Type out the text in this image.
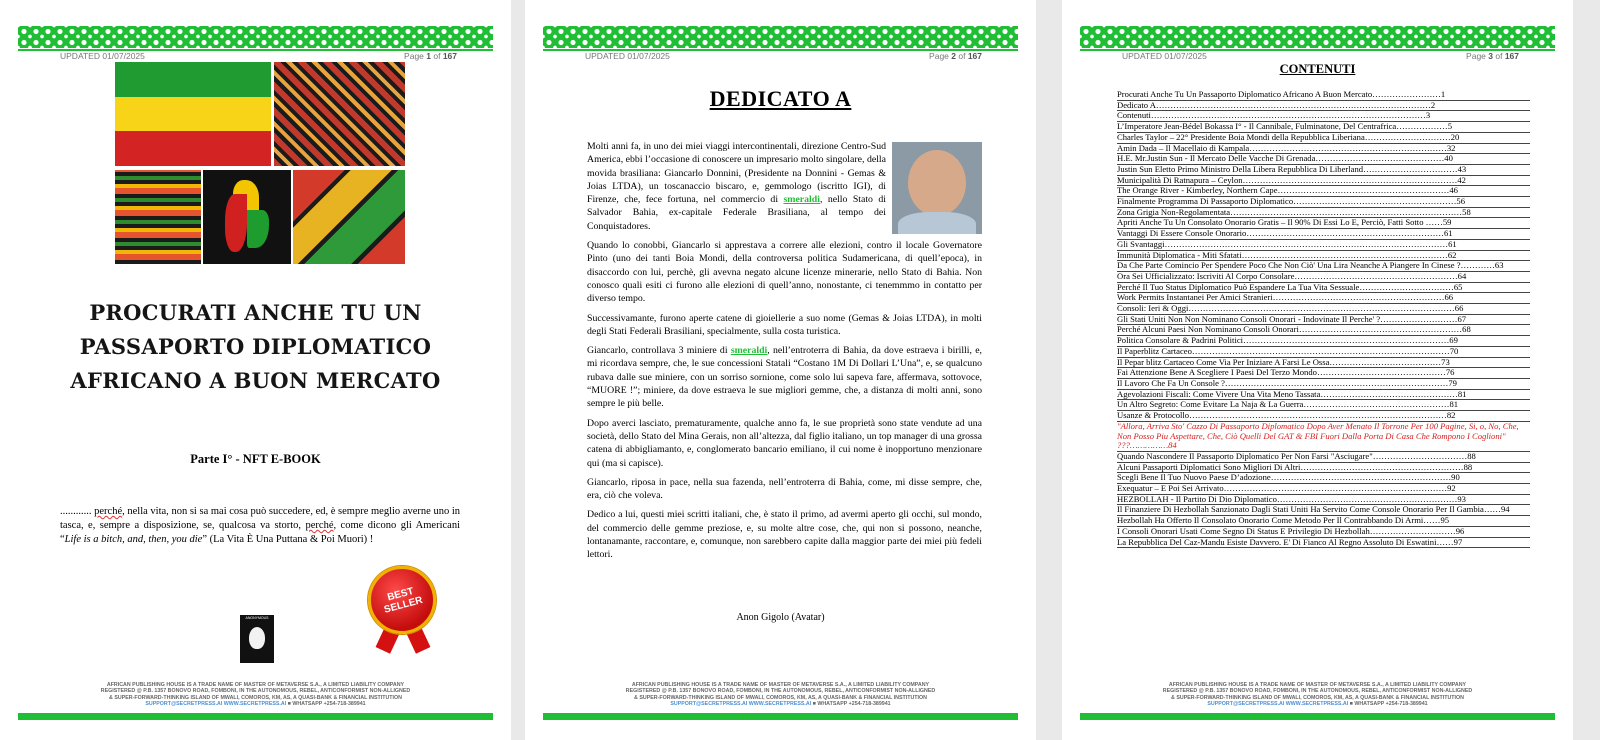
UPDATED 01/07/2025	Page 1 of 167
PROCURATI ANCHE TU UN PASSAPORTO DIPLOMATICO AFRICANO A BUON MERCATO
Parte I° - NFT E-BOOK
............ perché, nella vita, non si sa mai cosa può succedere, ed, è sempre meglio averne uno in tasca, e, sempre a disposizione, se, qualcosa va storto, perché, come dicono gli Americani “Life is a bitch, and, then, you die” (La Vita È Una Puttana & Poi Muori) !
ANONYMOUS
BEST SELLER
AFRICAN PUBLISHING HOUSE IS A TRADE NAME OF MASTER OF METAVERSE S.A., A LIMITED LIABILITY COMPANY
REGISTERED @ P.B. 1357 BONOVO ROAD, FOMBONI, IN THE AUTONOMOUS, REBEL, ANTICONFORMIST NON-ALLIGNED
& SUPER-FORWARD-THINKING ISLAND OF MWALI, COMOROS, KM, AS, A QUASI-BANK & FINANCIAL INSTITUTION
SUPPORT@SECRETPRESS.AI WWW.SECRETPRESS.AI ■ WHATSAPP +254-718-389941
UPDATED 01/07/2025	Page 2 of 167
DEDICATO A

Molti anni fa, in uno dei miei viaggi intercontinentali, direzione Centro-Sud America, ebbi l’occasione di conoscere un impresario molto singolare, della movida brasiliana: Giancarlo Donnini, (Presidente na Donnini - Gemas & Joias LTDA), un toscanaccio biscaro, e, gemmologo (iscritto IGI), di Firenze, che, fece fortuna, nel commercio di smeraldi, nello Stato di Salvador Bahia, ex-capitale Federale Brasiliana, al tempo dei Conquistadores.

Quando lo conobbi, Giancarlo si apprestava a correre alle elezioni, contro il locale Governatore Pinto (uno dei tanti Boia Mondi, della controversa politica Sudamericana, di quell’epoca), in disaccordo con lui, perchè, gli avevna negato alcune licenze minerarie, nello Stato di Bahia. Non conosco quali esiti ci furono alle elezioni di quell’anno, nonostante, ci tenemmmo in contatto per diverso tempo.

Successivamante, furono aperte catene di gioiellerie a suo nome (Gemas & Joias LTDA), in molti degli Stati Federali Brasiliani, specialmente, sulla costa turistica.

Giancarlo, controllava 3 miniere di smeraldi, nell’entroterra di Bahia, da dove estraeva i birilli, e, mi ricordava sempre, che, le sue concessioni Statali “Costano 1M Di Dollari L’Una”, e, se qualcuno rubava dalle sue miniere, con un sorriso sornione, come solo lui sapeva fare, affermava, sottovoce, “MUORE !”; miniere, da dove estraeva le sue migliori gemme, che, a distanza di molti anni, sono sempre le più belle.

Dopo averci lasciato, prematuramente, qualche anno fa, le sue proprietà sono state vendute ad una società, dello Stato del Mina Gerais, non all’altezza, dal figlio italiano, un top manager di una grossa catena di abbigliamanto, e, conglomerato bancario emiliano, il cui nome è inopportuno menzionare qui (ma si capisce).

Giancarlo, riposa in pace, nella sua fazenda, nell’entroterra di Bahia, come, mi disse sempre, che, era, ciò che voleva.

Dedico a lui, questi miei scritti italiani, che, è stato il primo, ad avermi aperto gli occhi, sul mondo, del commercio delle gemme preziose, e, su molte altre cose, che, qui non si possono, neanche, lontanamante, raccontare, e, comunque, non sarebbero capite dalla maggior parte dei miei più fedeli lettori.

Anon Gigolo (Avatar)
AFRICAN PUBLISHING HOUSE IS A TRADE NAME OF MASTER OF METAVERSE S.A., A LIMITED LIABILITY COMPANY
REGISTERED @ P.B. 1357 BONOVO ROAD, FOMBONI, IN THE AUTONOMOUS, REBEL, ANTICONFORMIST NON-ALLIGNED
& SUPER-FORWARD-THINKING ISLAND OF MWALI, COMOROS, KM, AS, A QUASI-BANK & FINANCIAL INSTITUTION
SUPPORT@SECRETPRESS.AI WWW.SECRETPRESS.AI ■ WHATSAPP +254-718-389941
UPDATED 01/07/2025	Page 3 of 167
CONTENUTI
Procurati Anche Tu Un Passaporto Diplomatico Africano A Buon Mercato……………………1
Dedicato A……………………………………………………………………………………2
Contenuti……………………………………………………………………………………3
L’Imperatore Jean-Bédel Bokassa I° - Il Cannibale, Fulminatone, Del Centrafrica………………5
Charles Taylor – 22° Presidente Boia Mondi della Repubblica Liberiana…………………………20
Amin Dada – Il Macellaio di Kampala……………………………………………………………32
H.E. Mr.Justin Sun - Il Mercato Delle Vacche Di Grenada………………………………………40
Justin Sun Eletto Primo Ministro Della Libera Repubblica Di Liberland……………………………43
Municipalità Di Ratnapura – Ceylon…………………………………………………………………42
The Orange River - Kimberley, Northern Cape……………………………………………………46
Finalmente Programma Di Passaporto Diplomatico…………………………………………………56
Zona Grigia Non-Regolamentata………………………………………………………………………58
Apriti Anche Tu Un Consolato Onorario Gratis – Il 90% Di Essi Lo E, Perciò, Fatti Sotto ……59
Vantaggi Di Essere Console Onorario……………………………………………………………61
Gli Svantaggi………………………………………………………………………………………61
Immunità Diplomatica - Miti Sfatati………………………………………………………………62
Da Che Parte Comincio Per Spendere Poco Che Non Ciò' Una Lira Neanche A Piangere In Cinese ?…………63
Ora Sei Ufficializzato: Iscriviti Al Corpo Consolare…………………………………………………64
Perché Il Tuo Status Diplomatico Può Espandere La Tua Vita Sessuale……………………………65
Work Permits Instantanei Per Amici Stranieri……………………………………………………66
Consoli: Ieri & Oggi…………………………………………………………………………………66
Gli Stati Uniti Non Non Nominano Consoli Onorari - Indovinate Il Perche' ?………………………67
Perché Alcuni Paesi Non Nominano Consoli Onorari…………………………………………………68
Politica Consolare & Padrini Politici………………………………………………………………69
Il Paperblitz Cartaceo………………………………………………………………………………70
Il Pepar blitz Cartaceo Come Via Per Iniziare A Farsi Le Ossa…………………………………73
Fai Attenzione Bene A Scegliere I Paesi Del Terzo Mondo………………………………………76
Il Lavoro Che Fa Un Console ?……………………………………………………………………79
Agevolazioni Fiscali: Come Vivere Una Vita Meno Tassata…………………………………………81
Un Altro Segreto: Come Evitare La Naja & La Guerra……………………………………………81
Usanze & Protocollo………………………………………………………………………………82
"Allora, Arriva Sto' Cazzo Di Passaporto Diplomatico Dopo Aver Menato Il Torrone Per 100 Pagine, Si, o, No, Che, Non Posso Piu Aspettare, Che, Ciò Quelli Del GAT & FBI Fuori Dalla Porta Di Casa Che Rompono I Coglioni" ???……………84
Quando Nascondere Il Passaporto Diplomatico Per Non Farsi "Asciugare"……………………………88
Alcuni Passaporti Diplomatici Sono Migliori Di Altri…………………………………………………88
Scegli Bene Il Tuo Nuovo Paese D’adozione………………………………………………………90
Exequatur – E Poi Sei Arrivato……………………………………………………………………92
HEZBOLLAH - Il Partito Di Dio Diplomatico………………………………………………………93
Il Finanziere Di Hezbollah Sanzionato Dagli Stati Uniti Ha Servito Come Console Onorario Per Il Gambia……94
Hezbollah Ha Offerto Il Consolato Onorario Come Metodo Per Il Contrabbando Di Armi……95
I Consoli Onorari Usati Come Segno Di Status E Privilegio Di Hezbollah…………………………96
La Repubblica Del Caz-Mandu Esiste Davvero. E' Di Fianco Al Regno Assoluto Di Eswatini……97
AFRICAN PUBLISHING HOUSE IS A TRADE NAME OF MASTER OF METAVERSE S.A., A LIMITED LIABILITY COMPANY
REGISTERED @ P.B. 1357 BONOVO ROAD, FOMBONI, IN THE AUTONOMOUS, REBEL, ANTICONFORMIST NON-ALLIGNED
& SUPER-FORWARD-THINKING ISLAND OF MWALI, COMOROS, KM, AS, A QUASI-BANK & FINANCIAL INSTITUTION
SUPPORT@SECRETPRESS.AI WWW.SECRETPRESS.AI ■ WHATSAPP +254-718-389941
